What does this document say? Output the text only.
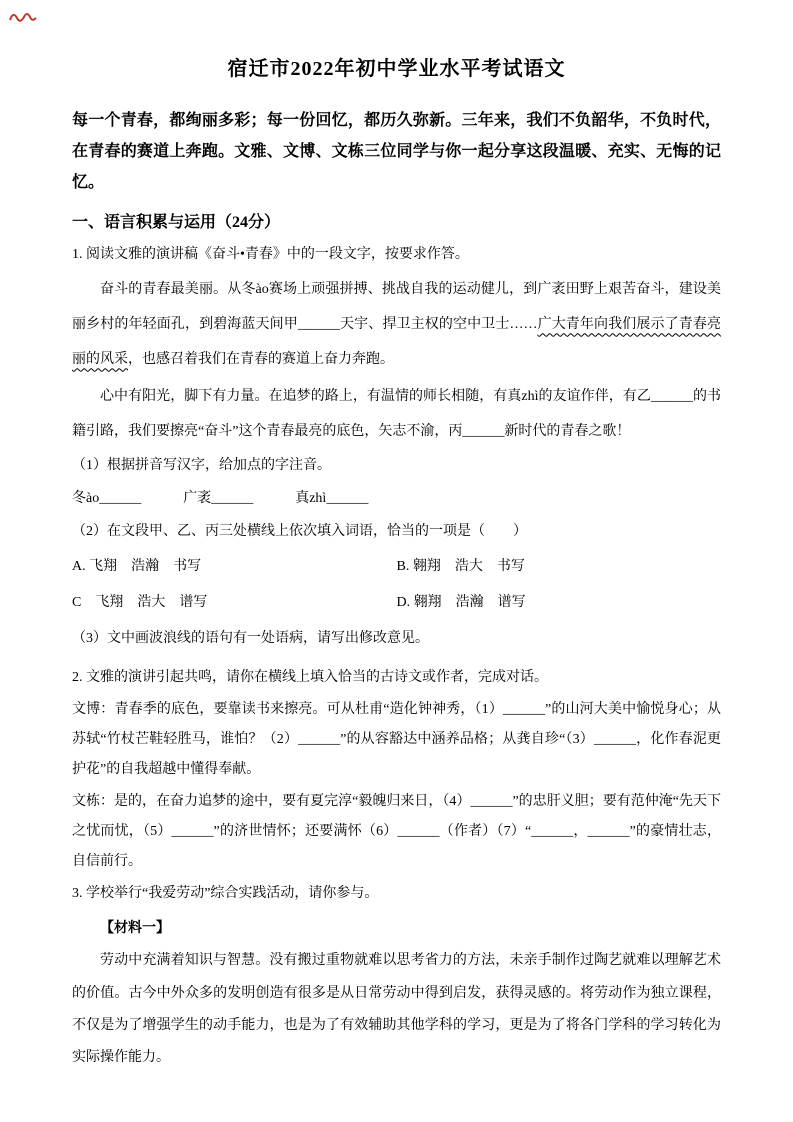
宿迁市2022年初中学业水平考试语文

每一个青春，都绚丽多彩；每一份回忆，都历久弥新。三年来，我们不负韶华，不负时代，在青春的赛道上奔跑。文雅、文博、文栋三位同学与你一起分享这段温暖、充实、无悔的记忆。

一、语言积累与运用（24分）

1. 阅读文雅的演讲稿《奋斗•青春》中的一段文字，按要求作答。

奋斗的青春最美丽。从冬ào赛场上顽强拼搏、挑战自我的运动健儿，到广袤田野上艰苦奋斗，建设美丽乡村的年轻面孔，到碧海蓝天间甲______天宇、捍卫主权的空中卫士……广大青年向我们展示了青春亮丽的风采，也感召着我们在青春的赛道上奋力奔跑。

心中有阳光，脚下有力量。在追梦的路上，有温情的师长相随，有真zhì的友谊作伴，有乙______的书籍引路，我们要擦亮“奋斗”这个青春最亮的底色，矢志不渝，丙______新时代的青春之歌！

（1）根据拼音写汉字，给加点的字注音。

冬ào______	广袤______	真zhì______

（2）在文段甲、乙、丙三处横线上依次填入词语，恰当的一项是（　　）

A. 飞翔　浩瀚　书写	B. 翱翔　浩大　书写
C　飞翔　浩大　谱写	D. 翱翔　浩瀚　谱写

（3）文中画波浪线的语句有一处语病，请写出修改意见。

2. 文雅的演讲引起共鸣，请你在横线上填入恰当的古诗文或作者，完成对话。

文博：青春季的底色，要靠读书来擦亮。可从杜甫“造化钟神秀，（1）______”的山河大美中愉悦身心；从苏轼“竹杖芒鞋轻胜马，谁怕？（2）______”的从容豁达中涵养品格；从龚自珍“（3）______，化作春泥更护花”的自我超越中懂得奉献。

文栋：是的，在奋力追梦的途中，要有夏完淳“毅魄归来日，（4）______”的忠肝义胆；要有范仲淹“先天下之忧而忧，（5）______”的济世情怀；还要满怀（6）______（作者）（7）“______，______”的豪情壮志，自信前行。

3. 学校举行“我爱劳动”综合实践活动，请你参与。

【材料一】

劳动中充满着知识与智慧。没有搬过重物就难以思考省力的方法，未亲手制作过陶艺就难以理解艺术的价值。古今中外众多的发明创造有很多是从日常劳动中得到启发，获得灵感的。将劳动作为独立课程，不仅是为了增强学生的动手能力，也是为了有效辅助其他学科的学习，更是为了将各门学科的学习转化为实际操作能力。
